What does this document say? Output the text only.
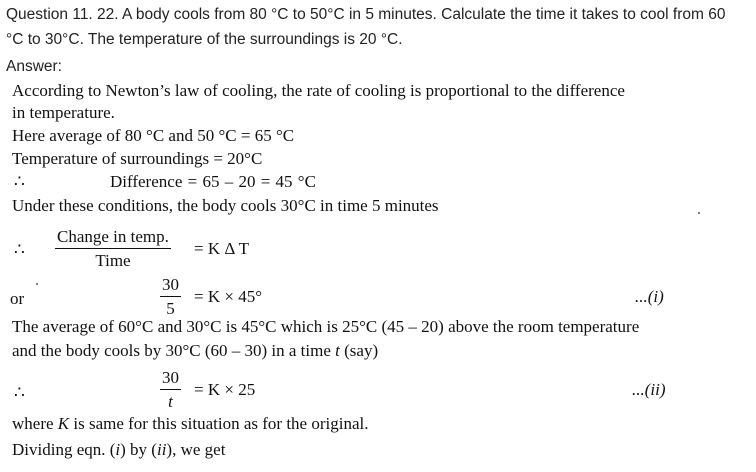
Question 11. 22. A body cools from 80 °C to 50°C in 5 minutes. Calculate the time it takes to cool from 60
°C to 30°C. The temperature of the surroundings is 20 °C.
Answer:
According to Newton’s law of cooling, the rate of cooling is proportional to the difference
in temperature.
Here average of 80 °C and 50 °C = 65 °C
Temperature of surroundings = 20°C
∴	Difference = 65 – 20 = 45 °C
Under these conditions, the body cools 30°C in time 5 minutes
∴
Change in temp.
Time
= K Δ T
or
30
5
= K × 45°	...(i)
The average of 60°C and 30°C is 45°C which is 25°C (45 – 20) above the room temperature
and the body cools by 30°C (60 – 30) in a time t (say)
∴
30
t
= K × 25	...(ii)
where K is same for this situation as for the original.
Dividing eqn. (i) by (ii), we get
